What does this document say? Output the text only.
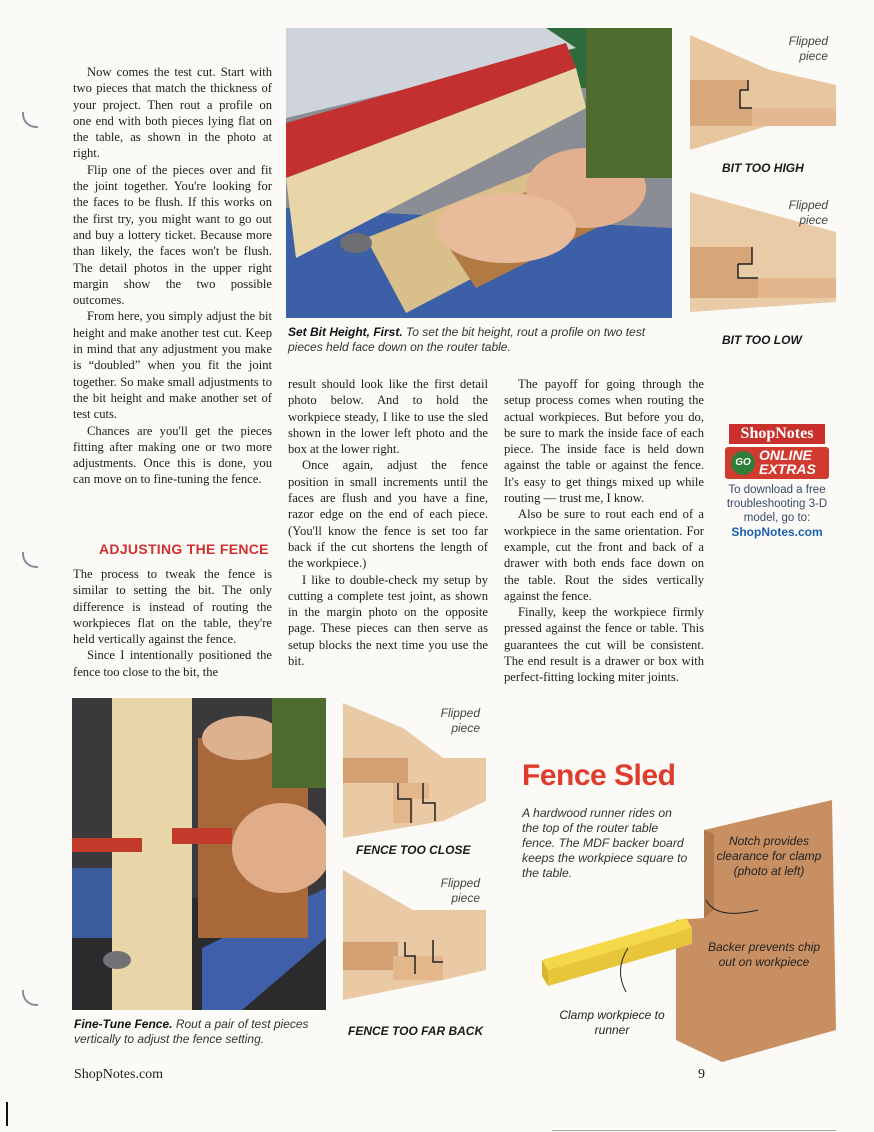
Now comes the test cut. Start with two pieces that match the thickness of your project. Then rout a profile on one end with both pieces lying flat on the table, as shown in the photo at right.

Flip one of the pieces over and fit the joint together. You're looking for the faces to be flush. If this works on the first try, you might want to go out and buy a lottery ticket. Because more than likely, the faces won't be flush. The detail photos in the upper right margin show the two possible outcomes.

From here, you simply adjust the bit height and make another test cut. Keep in mind that any adjustment you make is “doubled” when you fit the joint together. So make small adjustments to the bit height and make another set of test cuts.

Chances are you'll get the pieces fitting after making one or two more adjustments. Once this is done, you can move on to fine-tuning the fence.

ADJUSTING THE FENCE

The process to tweak the fence is similar to setting the bit. The only difference is instead of routing the workpieces flat on the table, they're held vertically against the fence.

Since I intentionally positioned the fence too close to the bit, the

Set Bit Height, First. To set the bit height, rout a profile on two test pieces held face down on the router table.
Flipped piece
BIT TOO HIGH
Flipped piece
BIT TOO LOW
ShopNotes
GO ONLINE
EXTRAS
To download a free troubleshooting 3-D model, go to:
ShopNotes.com

result should look like the first detail photo below. And to hold the workpiece steady, I like to use the sled shown in the lower left photo and the box at the lower right.

Once again, adjust the fence position in small increments until the faces are flush and you have a fine, razor edge on the end of each piece. (You'll know the fence is set too far back if the cut shortens the length of the workpiece.)

I like to double-check my setup by cutting a complete test joint, as shown in the margin photo on the opposite page. These pieces can then serve as setup blocks the next time you use the bit.

The payoff for going through the setup process comes when routing the actual workpieces. But before you do, be sure to mark the inside face of each piece. The inside face is held down against the table or against the fence. It's easy to get things mixed up while routing — trust me, I know.

Also be sure to rout each end of a workpiece in the same orientation. For example, cut the front and back of a drawer with both ends face down on the table. Rout the sides vertically against the fence.

Finally, keep the workpiece firmly pressed against the fence or table. This guarantees the cut will be consistent. The end result is a drawer or box with perfect-fitting locking miter joints.

Fine-Tune Fence. Rout a pair of test pieces vertically to adjust the fence setting.
Flipped piece
FENCE TOO CLOSE
Flipped piece
FENCE TOO FAR BACK
Fence Sled
A hardwood runner rides on the top of the router table fence. The MDF backer board keeps the workpiece square to the table.
Notch provides clearance for clamp (photo at left)
Backer prevents chip out on workpiece
Clamp workpiece to runner
ShopNotes.com	9
